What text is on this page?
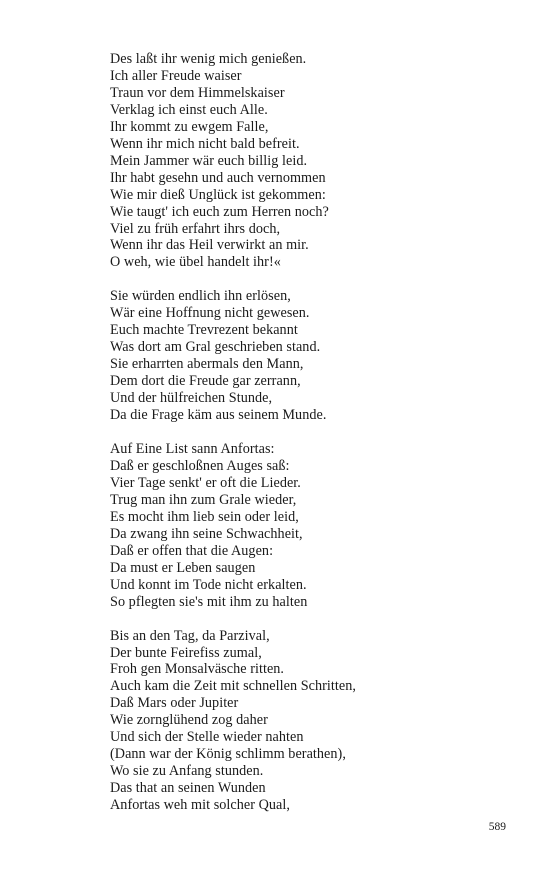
Des laßt ihr wenig mich genießen.
Ich aller Freude waiser
Traun vor dem Himmelskaiser
Verklag ich einst euch Alle.
Ihr kommt zu ewgem Falle,
Wenn ihr mich nicht bald befreit.
Mein Jammer wär euch billig leid.
Ihr habt gesehn und auch vernommen
Wie mir dieß Unglück ist gekommen:
Wie taugt' ich euch zum Herren noch?
Viel zu früh erfahrt ihrs doch,
Wenn ihr das Heil verwirkt an mir.
O weh, wie übel handelt ihr!«
Sie würden endlich ihn erlösen,
Wär eine Hoffnung nicht gewesen.
Euch machte Trevrezent bekannt
Was dort am Gral geschrieben stand.
Sie erharrten abermals den Mann,
Dem dort die Freude gar zerrann,
Und der hülfreichen Stunde,
Da die Frage käm aus seinem Munde.
Auf Eine List sann Anfortas:
Daß er geschloßnen Auges saß:
Vier Tage senkt' er oft die Lieder.
Trug man ihn zum Grale wieder,
Es mocht ihm lieb sein oder leid,
Da zwang ihn seine Schwachheit,
Daß er offen that die Augen:
Da must er Leben saugen
Und konnt im Tode nicht erkalten.
So pflegten sie's mit ihm zu halten
Bis an den Tag, da Parzival,
Der bunte Feirefiss zumal,
Froh gen Monsalväsche ritten.
Auch kam die Zeit mit schnellen Schritten,
Daß Mars oder Jupiter
Wie zornglühend zog daher
Und sich der Stelle wieder nahten
(Dann war der König schlimm berathen),
Wo sie zu Anfang stunden.
Das that an seinen Wunden
Anfortas weh mit solcher Qual,
589
